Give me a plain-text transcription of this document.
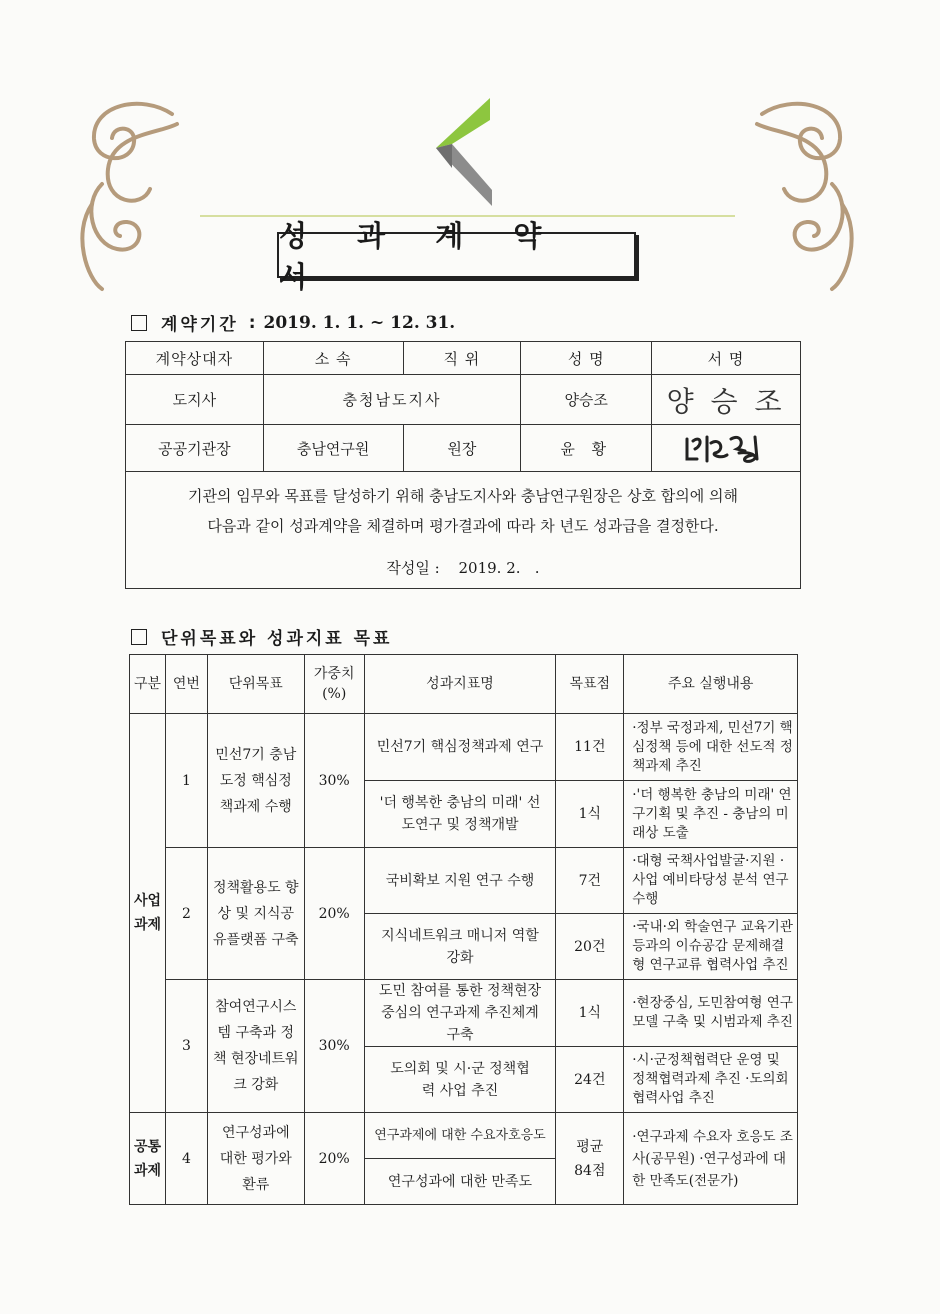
성 과 계 약 서
계약기간 : 2019. 1. 1. ~ 12. 31.
계약상대자	소 속	직 위	성 명	서 명
도지사	충청남도지사		양승조	양 승 조
공공기관장	충남연구원	원장	윤 황	

기관의 임무와 목표를 달성하기 위해 충남도지사와 충남연구원장은 상호 합의에 의해
다음과 같이 성과계약을 체결하며 평가결과에 따라 차 년도 성과급을 결정한다.
작성일 : 2019. 2.   .				
단위목표와 성과지표 목표
구분	연번	단위목표	가중치 (%)	성과지표명	목표점	주요 실행내용
사업 과제	1	민선7기 충남도정 핵심정책과제 수행	30%	민선7기 핵심정책과제 연구	11건	·정부 국정과제, 민선7기 핵심정책 등에 대한 선도적 정책과제 추진
				'더 행복한 충남의 미래' 선도연구 및 정책개발	1식	·'더 행복한 충남의 미래' 연구기획 및 추진 - 충남의 미래상 도출
	2	정책활용도 향상 및 지식공유플랫폼 구축	20%	국비확보 지원 연구 수행	7건	·대형 국책사업발굴·지원 ·사업 예비타당성 분석 연구 수행
				지식네트워크 매니저 역할 강화	20건	·국내·외 학술연구 교육기관 등과의 이슈공감 문제해결형 연구교류 협력사업 추진
	3	참여연구시스템 구축과 정책 현장네트워크 강화	30%	도민 참여를 통한 정책현장 중심의 연구과제 추진체계 구축	1식	·현장중심, 도민참여형 연구모델 구축 및 시범과제 추진
				도의회 및 시·군 정책협력 사업 추진	24건	·시·군정책협력단 운영 및 정책협력과제 추진 ·도의회 협력사업 추진
공통 과제	4	연구성과에 대한 평가와 환류	20%	연구과제에 대한 수요자호응도	평균 84점	·연구과제 수요자 호응도 조사(공무원) ·연구성과에 대한 만족도(전문가)
				연구성과에 대한 만족도		
